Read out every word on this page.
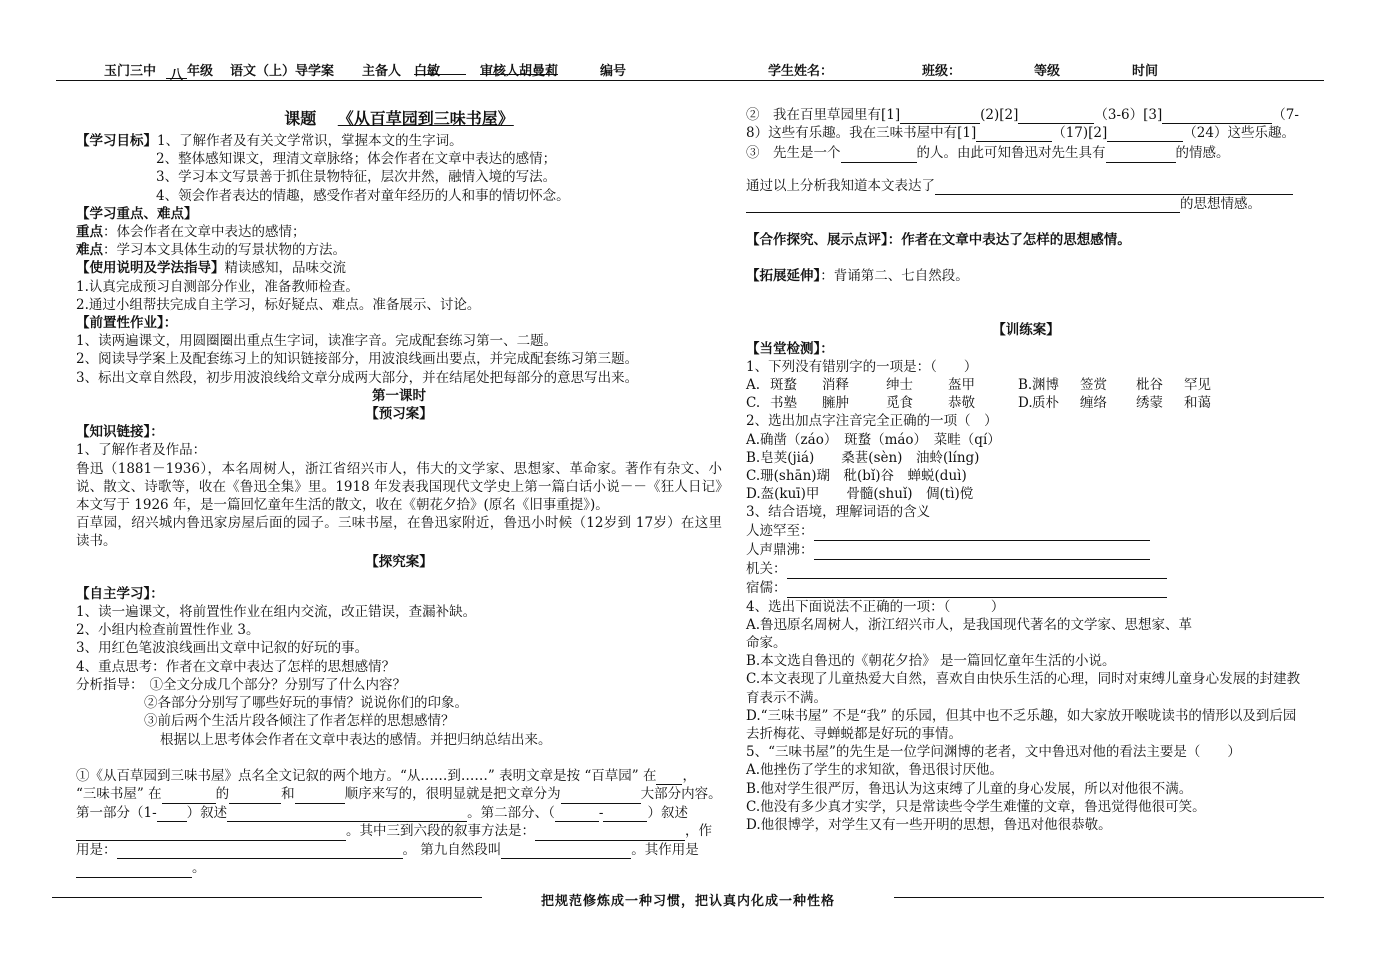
玉门三中	八 年级 语文（上）导学案 主备人 白敏	审核人胡曼莉	编号	学生姓名：	班级：	等级	时间
课题 《从百草园到三味书屋》
【学习目标】1、了解作者及有关文学常识，掌握本文的生字词。
2、整体感知课文，理清文章脉络；体会作者在文章中表达的感情；
3、学习本文写景善于抓住景物特征，层次井然，融情入境的写法。
4、领会作者表达的情趣，感受作者对童年经历的人和事的情切怀念。
【学习重点、难点】
重点：体会作者在文章中表达的感情；
难点：学习本文具体生动的写景状物的方法。
【使用说明及学法指导】精读感知，品味交流
1.认真完成预习自测部分作业，准备教师检查。
2.通过小组帮扶完成自主学习，标好疑点、难点。准备展示、讨论。
【前置性作业】：
1、读两遍课文，用圆圈圈出重点生字词，读准字音。完成配套练习第一、二题。
2、阅读导学案上及配套练习上的知识链接部分，用波浪线画出要点，并完成配套练习第三题。
3、标出文章自然段，初步用波浪线给文章分成两大部分，并在结尾处把每部分的意思写出来。
第一课时
【预习案】
【知识链接】：
1、了解作者及作品：
鲁迅（1881－1936），本名周树人，浙江省绍兴市人，伟大的文学家、思想家、革命家。著作有杂文、小说、散文、诗歌等，收在《鲁迅全集》里。1918 年发表我国现代文学史上第一篇白话小说－－《狂人日记》本文写于 1926 年，是一篇回忆童年生活的散文，收在《朝花夕拾》(原名《旧事重提》)。
百草园，绍兴城内鲁迅家房屋后面的园子。三味书屋，在鲁迅家附近，鲁迅小时候（12岁到 17岁）在这里读书。
【探究案】
【自主学习】：
1、读一遍课文，将前置性作业在组内交流，改正错误，查漏补缺。
2、小组内检查前置性作业 3。
3、用红色笔波浪线画出文章中记叙的好玩的事。
4、重点思考：作者在文章中表达了怎样的思想感情？
分析指导： ①全文分成几个部分？分别写了什么内容？
②各部分分别写了哪些好玩的事情？说说你们的印象。
③前后两个生活片段各倾注了作者怎样的思想感情？
根据以上思考体会作者在文章中表达的感情。并把归纳总结出来。
①《从百草园到三味书屋》点名全文记叙的两个地方。“从……到……” 表明文章是按 “百草园” 在 ，
“三味书屋” 在	的	和	顺序来写的，很明显就是把文章分为	大部分内容。第一部分（1- ）叙述	。第二部分、（	-	）叙述
。其中三到六段的叙事方法是：	，作用是：	。 第九自然段叫	。其作用是。
②　我在百里草园里有[1]	(2)[2]	（3-6）[3]	（7-8）这些有乐趣。我在三味书屋中有[1]	（17)[2]	（24）这些乐趣。
③　先生是一个	的人。由此可知鲁迅对先生具有	的情感。
通过以上分析我知道本文表达了
的思想情感。
【合作探究、展示点评】：作者在文章中表达了怎样的思想感情。
【拓展延伸】：背诵第二、七自然段。
【训练案】
【当堂检测】：
1、下列没有错别字的一项是：（　　）
A. 斑蝥 消释	绅士	盔甲	B.渊博 签赏 枇谷 罕见
C. 书塾 臃肿	觅食	恭敬	D.质朴 缠络 绣蒙 和蔼
2、选出加点字注音完全正确的一项（　）
A.确凿（záo）　斑蝥（máo）　菜畦（qí）
B.皂荚(jiá)　　桑葚(sèn)　油蛉(líng)
C.珊(shān)瑚　秕(bǐ)谷　蝉蜕(duì)
D.盔(kuī)甲　　骨髓(shuǐ)　倜(tì)傥
3、结合语境，理解词语的含义
人迹罕至：
人声鼎沸：
机关：
宿儒：
4、选出下面说法不正确的一项：（　　　）
A.鲁迅原名周树人，浙江绍兴市人，是我国现代著名的文学家、思想家、革命家。
B.本文选自鲁迅的《朝花夕拾》 是一篇回忆童年生活的小说。
C.本文表现了儿童热爱大自然，喜欢自由快乐生活的心理，同时对束缚儿童身心发展的封建教育表示不满。
D.“三味书屋” 不是“我” 的乐园，但其中也不乏乐趣，如大家放开喉咙读书的情形以及到后园去折梅花、寻蝉蜕都是好玩的事情。
5、“三味书屋”的先生是一位学问渊博的老者，文中鲁迅对他的看法主要是（　　）
A.他挫伤了学生的求知欲，鲁迅很讨厌他。
B.他对学生很严厉，鲁迅认为这束缚了儿童的身心发展，所以对他很不满。
C.他没有多少真才实学，只是常读些令学生难懂的文章，鲁迅觉得他很可笑。
D.他很博学，对学生又有一些开明的思想，鲁迅对他很恭敬。
把规范修炼成一种习惯，把认真内化成一种性格
